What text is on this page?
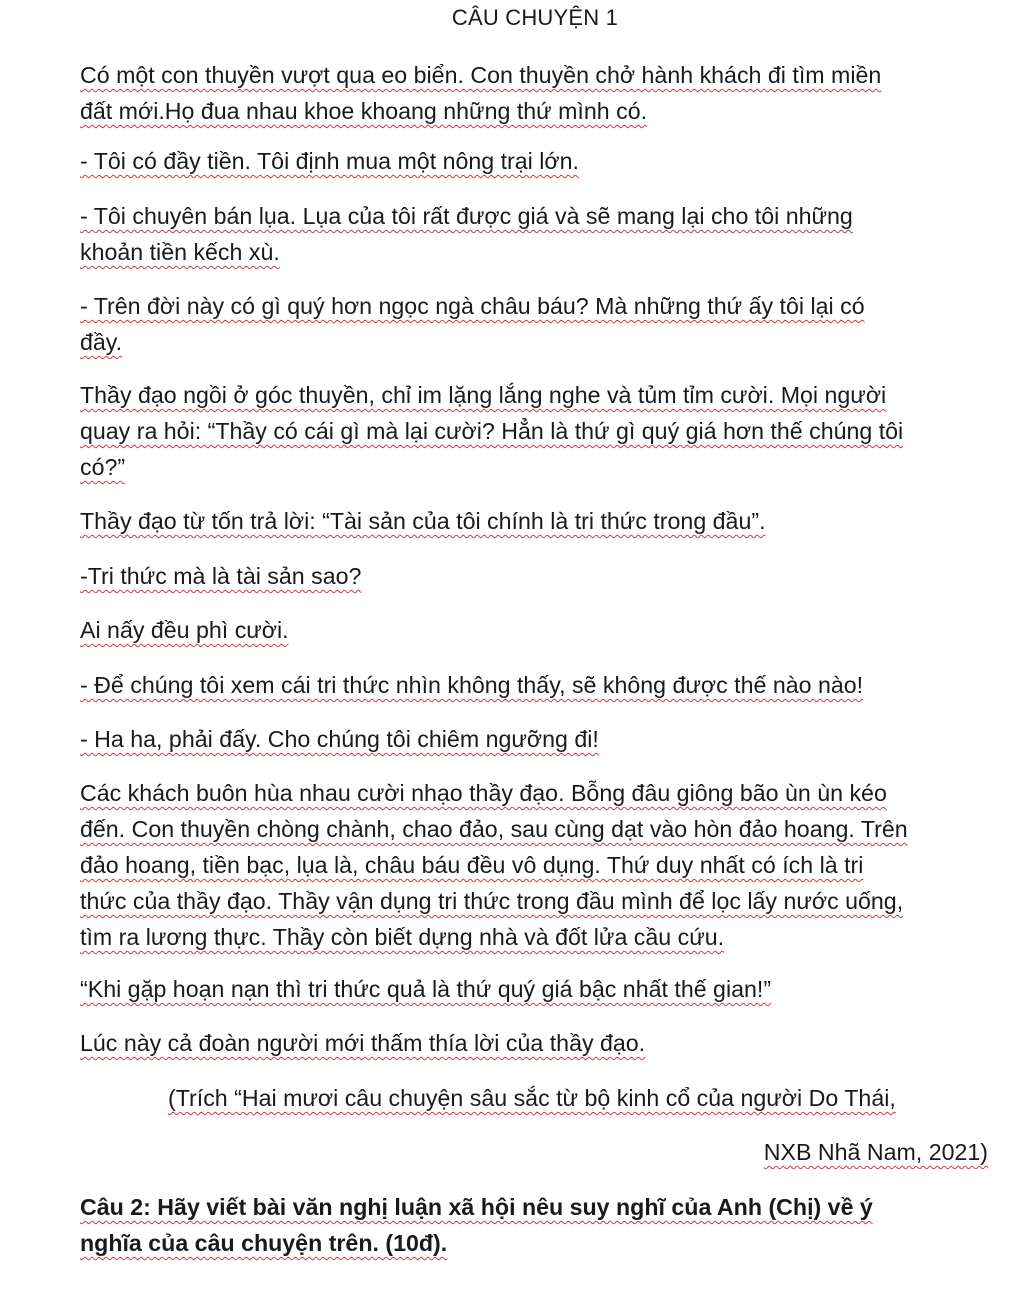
CÂU CHUYỆN 1
Có một con thuyền vượt qua eo biển. Con thuyền chở hành khách đi tìm miền
đất mới.Họ đua nhau khoe khoang những thứ mình có.
- Tôi có đầy tiền. Tôi định mua một nông trại lớn.
- Tôi chuyên bán lụa. Lụa của tôi rất được giá và sẽ mang lại cho tôi những
khoản tiền kếch xù.
- Trên đời này có gì quý hơn ngọc ngà châu báu? Mà những thứ ấy tôi lại có
đầy.
Thầy đạo ngồi ở góc thuyền, chỉ im lặng lắng nghe và tủm tỉm cười. Mọi người
quay ra hỏi: “Thầy có cái gì mà lại cười? Hẳn là thứ gì quý giá hơn thế chúng tôi
có?”
Thầy đạo từ tốn trả lời: “Tài sản của tôi chính là tri thức trong đầu”.
-Tri thức mà là tài sản sao?
Ai nấy đều phì cười.
- Để chúng tôi xem cái tri thức nhìn không thấy, sẽ không được thế nào nào!
- Ha ha, phải đấy. Cho chúng tôi chiêm ngưỡng đi!
Các khách buôn hùa nhau cười nhạo thầy đạo. Bỗng đâu giông bão ùn ùn kéo
đến. Con thuyền chòng chành, chao đảo, sau cùng dạt vào hòn đảo hoang. Trên
đảo hoang, tiền bạc, lụa là, châu báu đều vô dụng. Thứ duy nhất có ích là tri
thức của thầy đạo. Thầy vận dụng tri thức trong đầu mình để lọc lấy nước uống,
tìm ra lương thực. Thầy còn biết dựng nhà và đốt lửa cầu cứu.
“Khi gặp hoạn nạn thì tri thức quả là thứ quý giá bậc nhất thế gian!”
Lúc này cả đoàn người mới thấm thía lời của thầy đạo.
(Trích “Hai mươi câu chuyện sâu sắc từ bộ kinh cổ của người Do Thái,
NXB Nhã Nam, 2021)
Câu 2: Hãy viết bài văn nghị luận xã hội nêu suy nghĩ của Anh (Chị) về ý
nghĩa của câu chuyện trên. (10đ).
